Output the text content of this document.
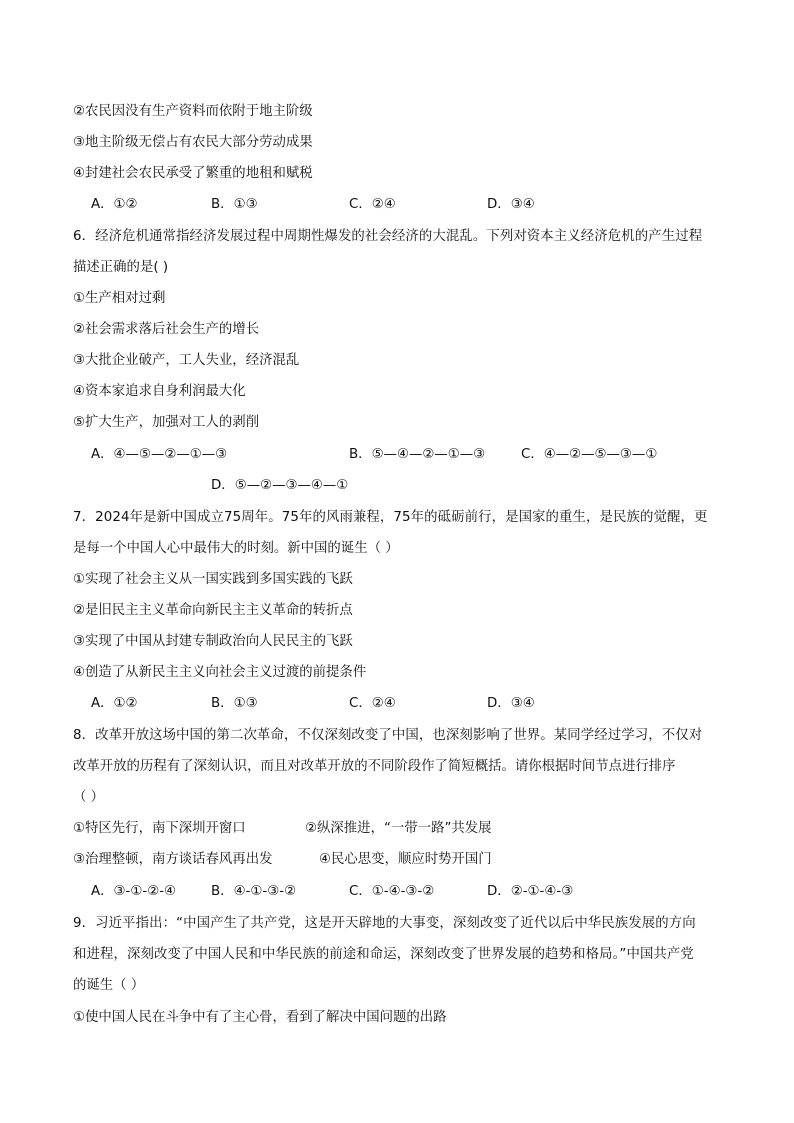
②农民因没有生产资料而依附于地主阶级
③地主阶级无偿占有农民大部分劳动成果
④封建社会农民承受了繁重的地租和赋税
A．①②	B．①③	C．②④	D．③④
6．经济危机通常指经济发展过程中周期性爆发的社会经济的大混乱。下列对资本主义经济危机的产生过程
描述正确的是( )
①生产相对过剩
②社会需求落后社会生产的增长
③大批企业破产，工人失业，经济混乱
④资本家追求自身利润最大化
⑤扩大生产，加强对工人的剥削
A．④—⑤—②—①—③	B．⑤—④—②—①—③	C．④—②—⑤—③—①
D．⑤—②—③—④—①
7．2024年是新中国成立75周年。75年的风雨兼程，75年的砥砺前行，是国家的重生，是民族的觉醒，更
是每一个中国人心中最伟大的时刻。新中国的诞生（ ）
①实现了社会主义从一国实践到多国实践的飞跃
②是旧民主主义革命向新民主主义革命的转折点
③实现了中国从封建专制政治向人民民主的飞跃
④创造了从新民主主义向社会主义过渡的前提条件
A．①②	B．①③	C．②④	D．③④
8．改革开放这场中国的第二次革命，不仅深刻改变了中国，也深刻影响了世界。某同学经过学习，不仅对
改革开放的历程有了深刻认识，而且对改革开放的不同阶段作了简短概括。请你根据时间节点进行排序
（ ）
①特区先行，南下深圳开窗口	②纵深推进，“一带一路”共发展
③治理整顿，南方谈话春风再出发	④民心思变，顺应时势开国门
A．③-①-②-④	B．④-①-③-②	C．①-④-③-②	D．②-①-④-③
9．习近平指出：“中国产生了共产党，这是开天辟地的大事变，深刻改变了近代以后中华民族发展的方向
和进程，深刻改变了中国人民和中华民族的前途和命运，深刻改变了世界发展的趋势和格局。”中国共产党
的诞生（ ）
①使中国人民在斗争中有了主心骨，看到了解决中国问题的出路
